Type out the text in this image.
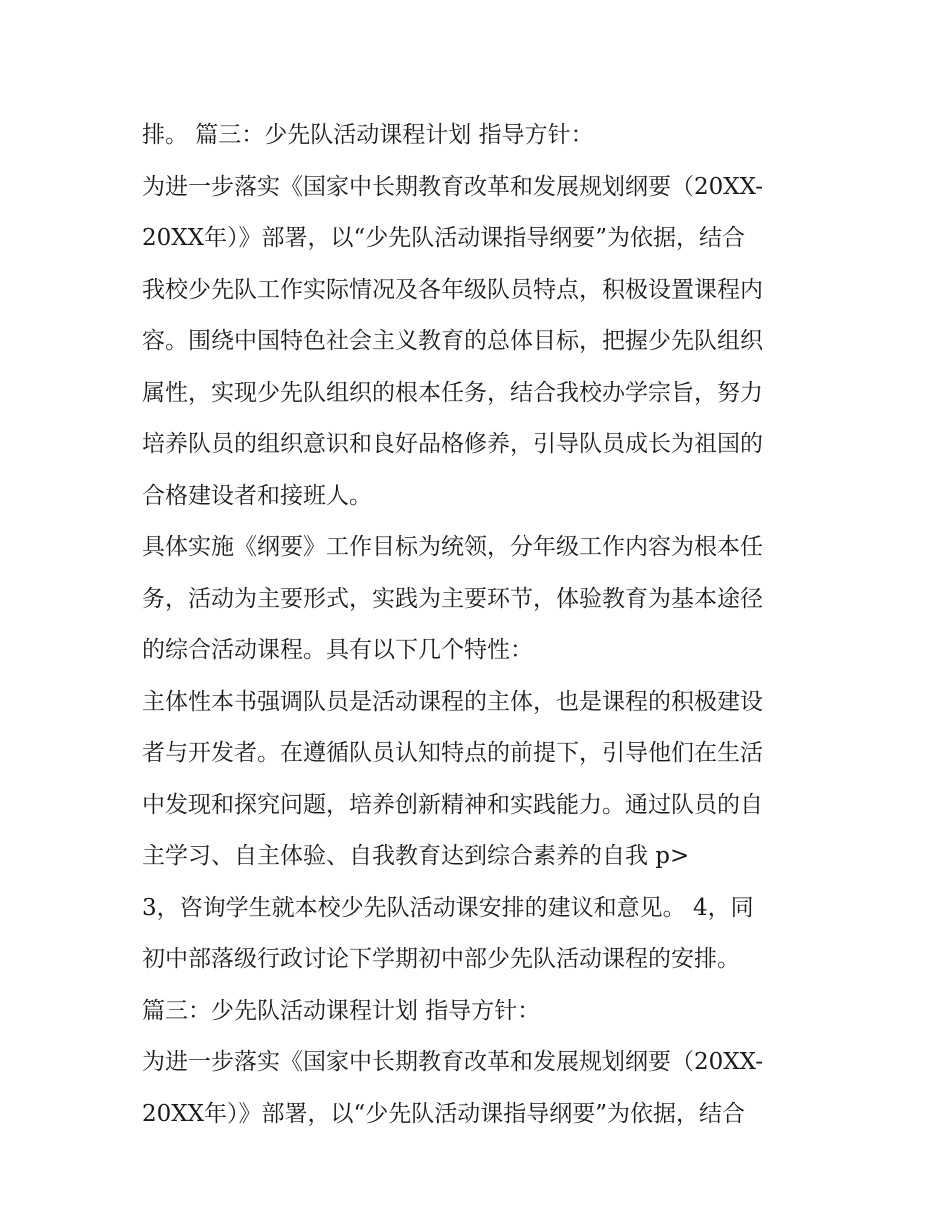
排。 篇三：少先队活动课程计划 指导方针：
为进一步落实《国家中长期教育改革和发展规划纲要（20XX-
20XX年）》部署，以“少先队活动课指导纲要”为依据，结合
我校少先队工作实际情况及各年级队员特点，积极设置课程内
容。围绕中国特色社会主义教育的总体目标，把握少先队组织
属性，实现少先队组织的根本任务，结合我校办学宗旨，努力
培养队员的组织意识和良好品格修养，引导队员成长为祖国的
合格建设者和接班人。
具体实施《纲要》工作目标为统领，分年级工作内容为根本任
务，活动为主要形式，实践为主要环节，体验教育为基本途径
的综合活动课程。具有以下几个特性：
主体性本书强调队员是活动课程的主体，也是课程的积极建设
者与开发者。在遵循队员认知特点的前提下，引导他们在生活
中发现和探究问题，培养创新精神和实践能力。通过队员的自
主学习、自主体验、自我教育达到综合素养的自我 p>
3，咨询学生就本校少先队活动课安排的建议和意见。 4，同
初中部落级行政讨论下学期初中部少先队活动课程的安排。
篇三：少先队活动课程计划 指导方针：
为进一步落实《国家中长期教育改革和发展规划纲要（20XX-
20XX年）》部署，以“少先队活动课指导纲要”为依据，结合
